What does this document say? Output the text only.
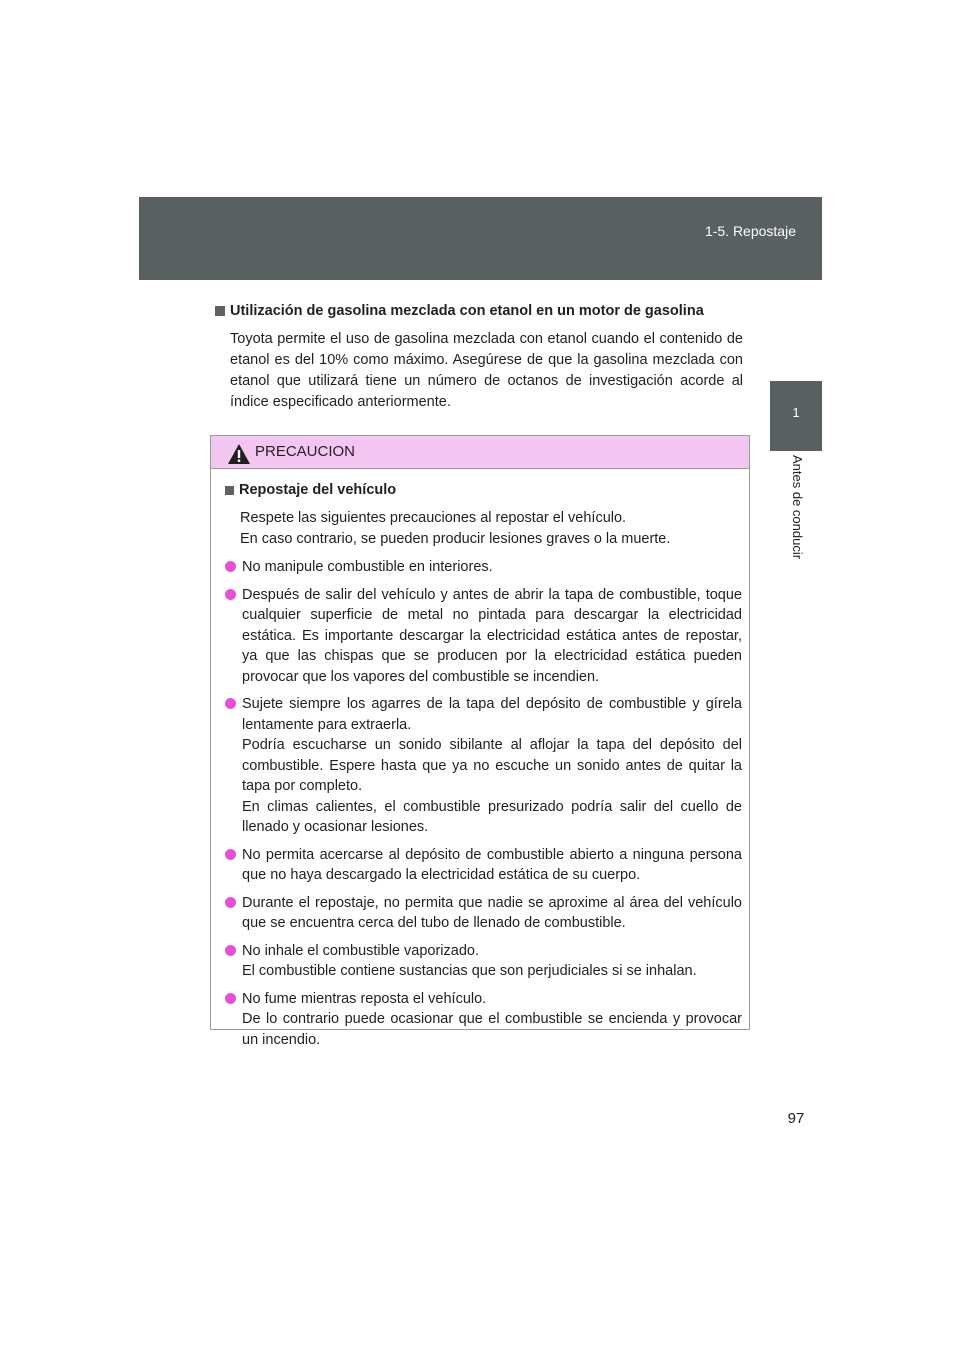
1-5. Repostaje
1
Antes de conducir
Utilización de gasolina mezclada con etanol en un motor de gasolina
Toyota permite el uso de gasolina mezclada con etanol cuando el contenido de etanol es del 10% como máximo. Asegúrese de que la gasolina mezclada con etanol que utilizará tiene un número de octanos de investigación acorde al índice especificado anteriormente.
PRECAUCION
Repostaje del vehículo
Respete las siguientes precauciones al repostar el vehículo.
En caso contrario, se pueden producir lesiones graves o la muerte.
No manipule combustible en interiores.
Después de salir del vehículo y antes de abrir la tapa de combustible, toque cualquier superficie de metal no pintada para descargar la electricidad estática. Es importante descargar la electricidad estática antes de repostar, ya que las chispas que se producen por la electricidad estática pueden provocar que los vapores del combustible se incendien.
Sujete siempre los agarres de la tapa del depósito de combustible y gírela lentamente para extraerla.
Podría escucharse un sonido sibilante al aflojar la tapa del depósito del combustible. Espere hasta que ya no escuche un sonido antes de quitar la tapa por completo.
En climas calientes, el combustible presurizado podría salir del cuello de llenado y ocasionar lesiones.
No permita acercarse al depósito de combustible abierto a ninguna persona que no haya descargado la electricidad estática de su cuerpo.
Durante el repostaje, no permita que nadie se aproxime al área del vehículo que se encuentra cerca del tubo de llenado de combustible.
No inhale el combustible vaporizado.
El combustible contiene sustancias que son perjudiciales si se inhalan.
No fume mientras reposta el vehículo.
De lo contrario puede ocasionar que el combustible se encienda y provocar un incendio.
97
